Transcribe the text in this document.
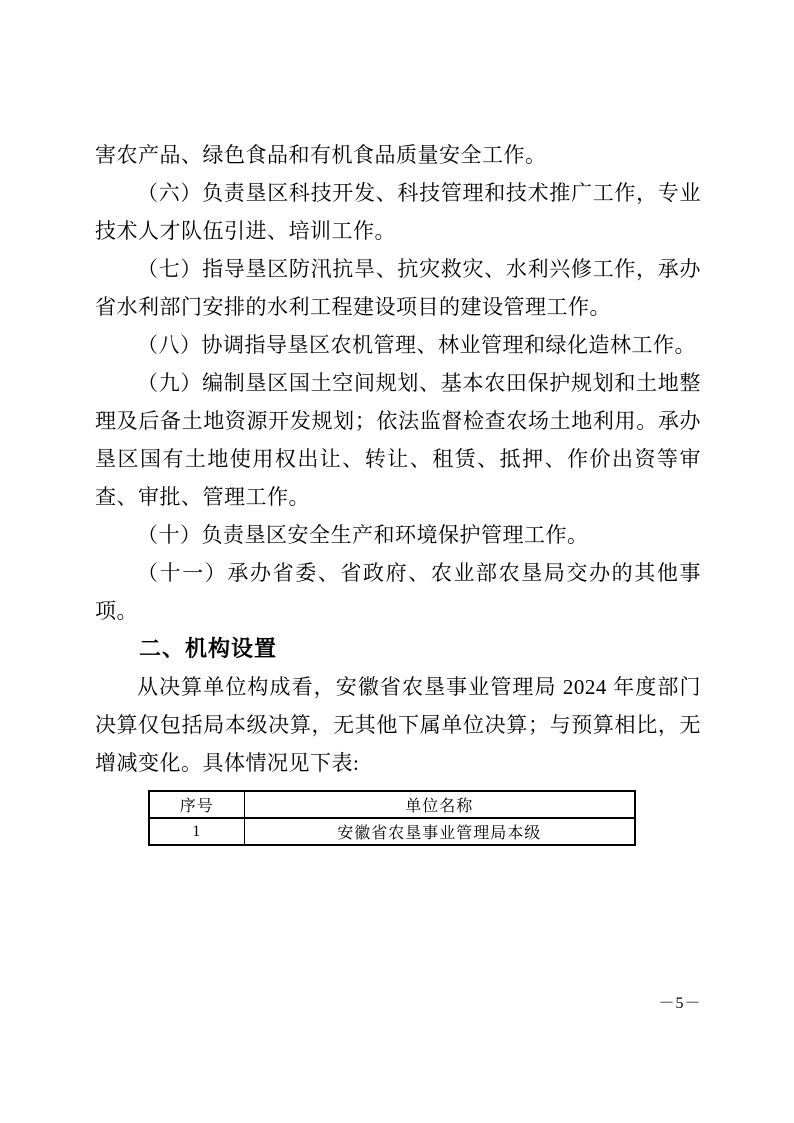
害农产品、绿色食品和有机食品质量安全工作。

（六）负责垦区科技开发、科技管理和技术推广工作，专业技术人才队伍引进、培训工作。

（七）指导垦区防汛抗旱、抗灾救灾、水利兴修工作，承办省水利部门安排的水利工程建设项目的建设管理工作。

（八）协调指导垦区农机管理、林业管理和绿化造林工作。

（九）编制垦区国土空间规划、基本农田保护规划和土地整理及后备土地资源开发规划；依法监督检查农场土地利用。承办垦区国有土地使用权出让、转让、租赁、抵押、作价出资等审查、审批、管理工作。

（十）负责垦区安全生产和环境保护管理工作。

（十一）承办省委、省政府、农业部农垦局交办的其他事项。

二、机构设置

从决算单位构成看，安徽省农垦事业管理局 2024 年度部门决算仅包括局本级决算，无其他下属单位决算；与预算相比，无增减变化。具体情况见下表:

序号	单位名称
1	安徽省农垦事业管理局本级
－5－
